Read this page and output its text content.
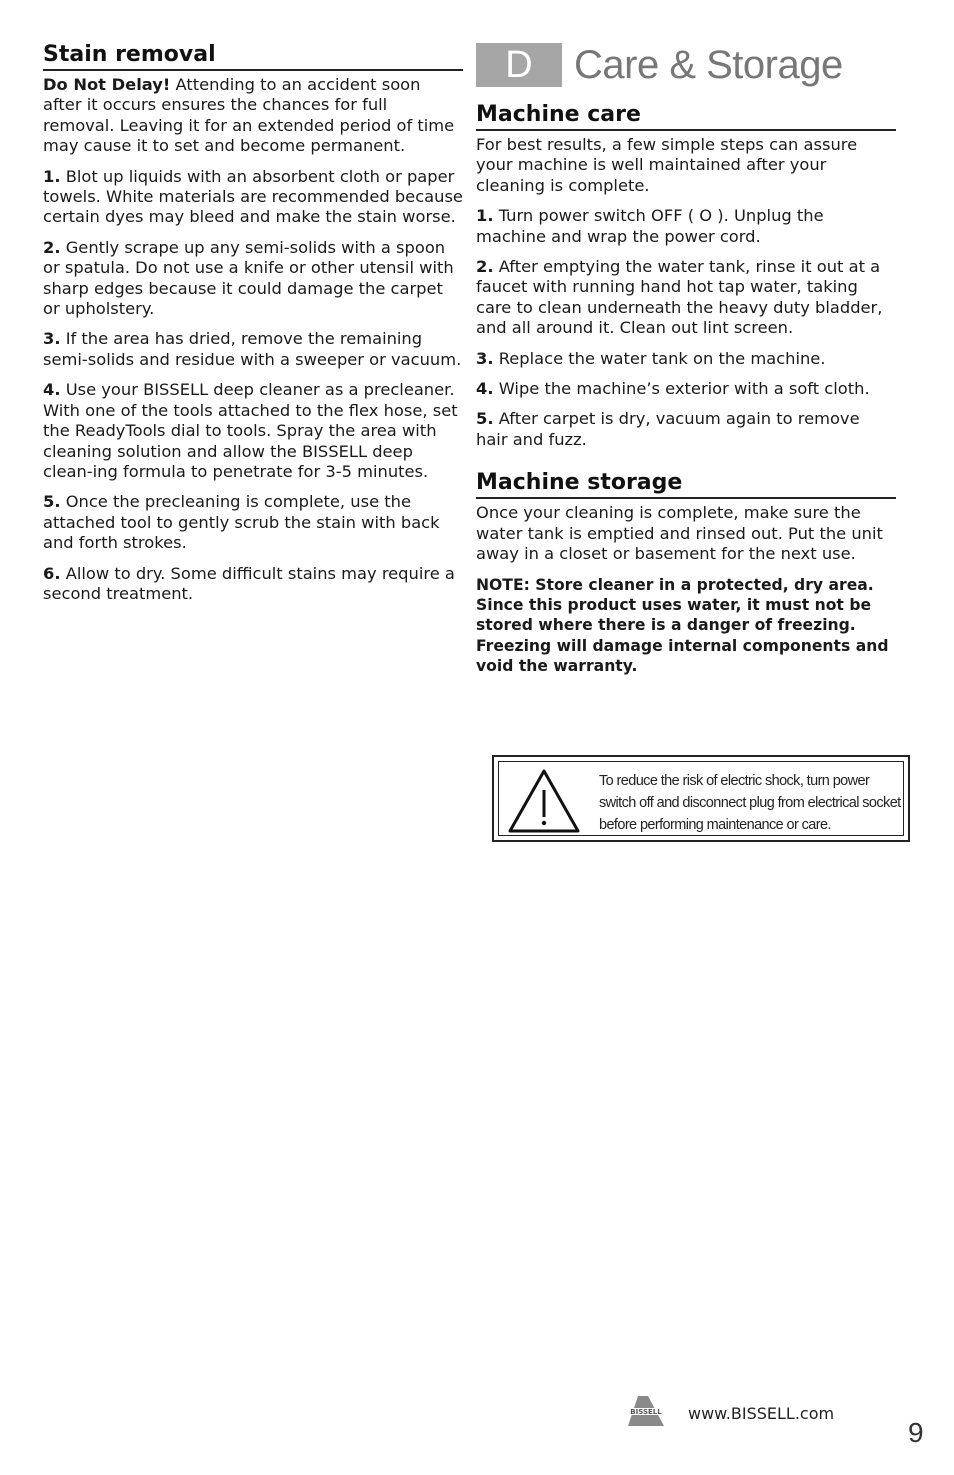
Stain removal

Do Not Delay! Attending to an accident soon after it occurs ensures the chances for full removal. Leaving it for an extended period of time may cause it to set and become permanent.

1. Blot up liquids with an absorbent cloth or paper towels. White materials are recommended because certain dyes may bleed and make the stain worse.

2. Gently scrape up any semi-solids with a spoon or spatula. Do not use a knife or other utensil with sharp edges because it could damage the carpet or upholstery.

3. If the area has dried, remove the remaining semi-solids and residue with a sweeper or vacuum.

4. Use your BISSELL deep cleaner as a precleaner. With one of the tools attached to the flex hose, set the ReadyTools dial to tools. Spray the area with cleaning solution and allow the BISSELL deep clean-ing formula to penetrate for 3-5 minutes.

5. Once the precleaning is complete, use the attached tool to gently scrub the stain with back and forth strokes.

6. Allow to dry. Some difficult stains may require a second treatment.

D	Care & Storage
Machine care

For best results, a few simple steps can assure your machine is well maintained after your cleaning is complete.

1. Turn power switch OFF ( O ). Unplug the machine and wrap the power cord.

2. After emptying the water tank, rinse it out at a faucet with running hand hot tap water, taking care to clean underneath the heavy duty bladder, and all around it. Clean out lint screen.

3. Replace the water tank on the machine.

4. Wipe the machine’s exterior with a soft cloth.

5. After carpet is dry, vacuum again to remove hair and fuzz.

Machine storage

Once your cleaning is complete, make sure the water tank is emptied and rinsed out. Put the unit away in a closet or basement for the next use.

NOTE: Store cleaner in a protected, dry area. Since this product uses water, it must not be stored where there is a danger of freezing. Freezing will damage internal components and void the warranty.

To reduce the risk of electric shock, turn power switch off and disconnect plug from electrical socket before performing maintenance or care.
BISSELL www.BISSELL.com
9
